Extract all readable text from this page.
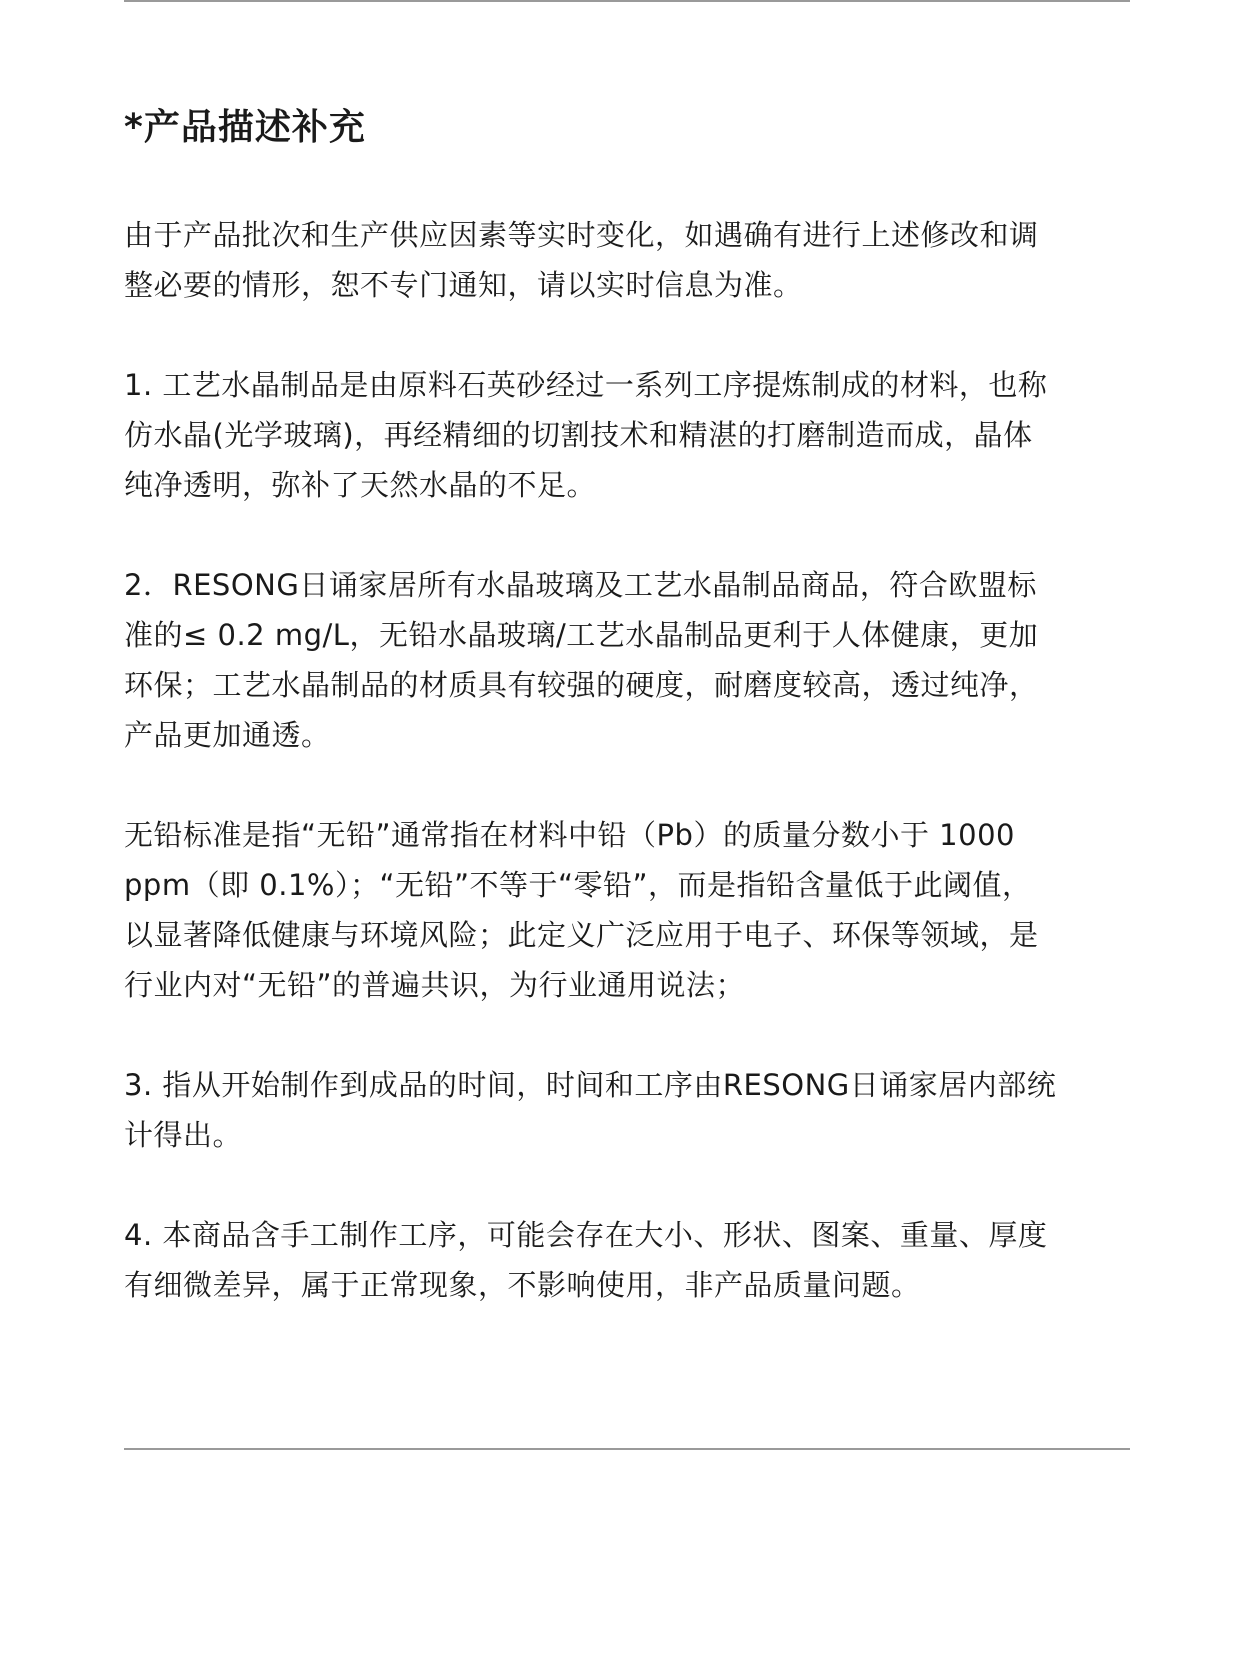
*产品描述补充

由于产品批次和生产供应因素等实时变化，如遇确有进行上述修改和调
整必要的情形，恕不专门通知，请以实时信息为准。

1. 工艺水晶制品是由原料石英砂经过一系列工序提炼制成的材料，也称
仿水晶(光学玻璃)，再经精细的切割技术和精湛的打磨制造而成，晶体
纯净透明，弥补了天然水晶的不足。

2．RESONG日诵家居所有水晶玻璃及工艺水晶制品商品，符合欧盟标
准的≤ 0.2 mg/L，无铅水晶玻璃/工艺水晶制品更利于人体健康，更加
环保；工艺水晶制品的材质具有较强的硬度，耐磨度较高，透过纯净，
产品更加通透。

无铅标准是指“无铅”通常指在材料中铅（Pb）的质量分数小于 1000
ppm（即 0.1%）；“无铅”不等于“零铅”，而是指铅含量低于此阈值，
以显著降低健康与环境风险；此定义广泛应用于电子、环保等领域，是
行业内对“无铅”的普遍共识，为行业通用说法；

3. 指从开始制作到成品的时间，时间和工序由RESONG日诵家居内部统
计得出。

4. 本商品含手工制作工序，可能会存在大小、形状、图案、重量、厚度
有细微差异，属于正常现象，不影响使用，非产品质量问题。
